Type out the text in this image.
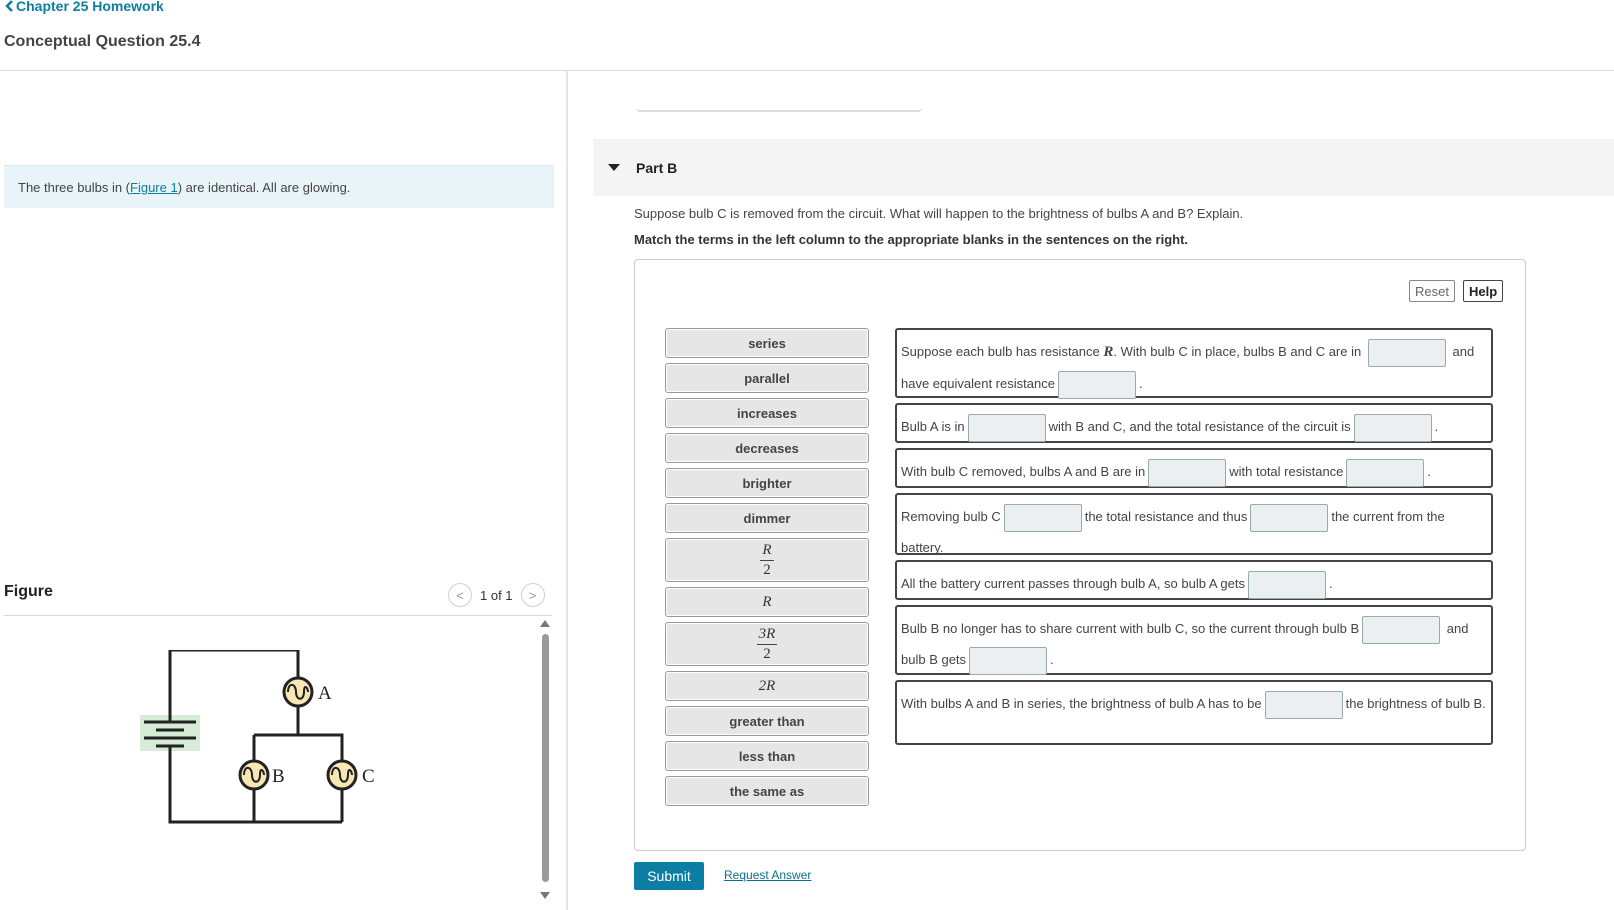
Chapter 25 Homework
Conceptual Question 25.4
The three bulbs in (Figure 1) are identical. All are glowing.
Figure	<	1 of 1	>
A
B	C
Part B
Suppose bulb C is removed from the circuit. What will happen to the brightness of bulbs A and B? Explain.
Match the terms in the left column to the appropriate blanks in the sentences on the right.
Reset	Help
series
parallel
increases
decreases
brighter
dimmer
$\frac{R}{2}$
R
$\frac{3R}{2}$
2R
greater than
less than
the same as
Suppose each bulb has resistance R. With bulb C in place, bulbs B and C are in	and have equivalent resistance	.
Bulb A is in	with B and C, and the total resistance of the circuit is	.
With bulb C removed, bulbs A and B are in	with total resistance	.
Removing bulb C	the total resistance and thus	the current from the battery.
All the battery current passes through bulb A, so bulb A gets	.
Bulb B no longer has to share current with bulb C, so the current through bulb B	and bulb B gets	.
With bulbs A and B in series, the brightness of bulb A has to be	the brightness of bulb B.
Submit	Request Answer
